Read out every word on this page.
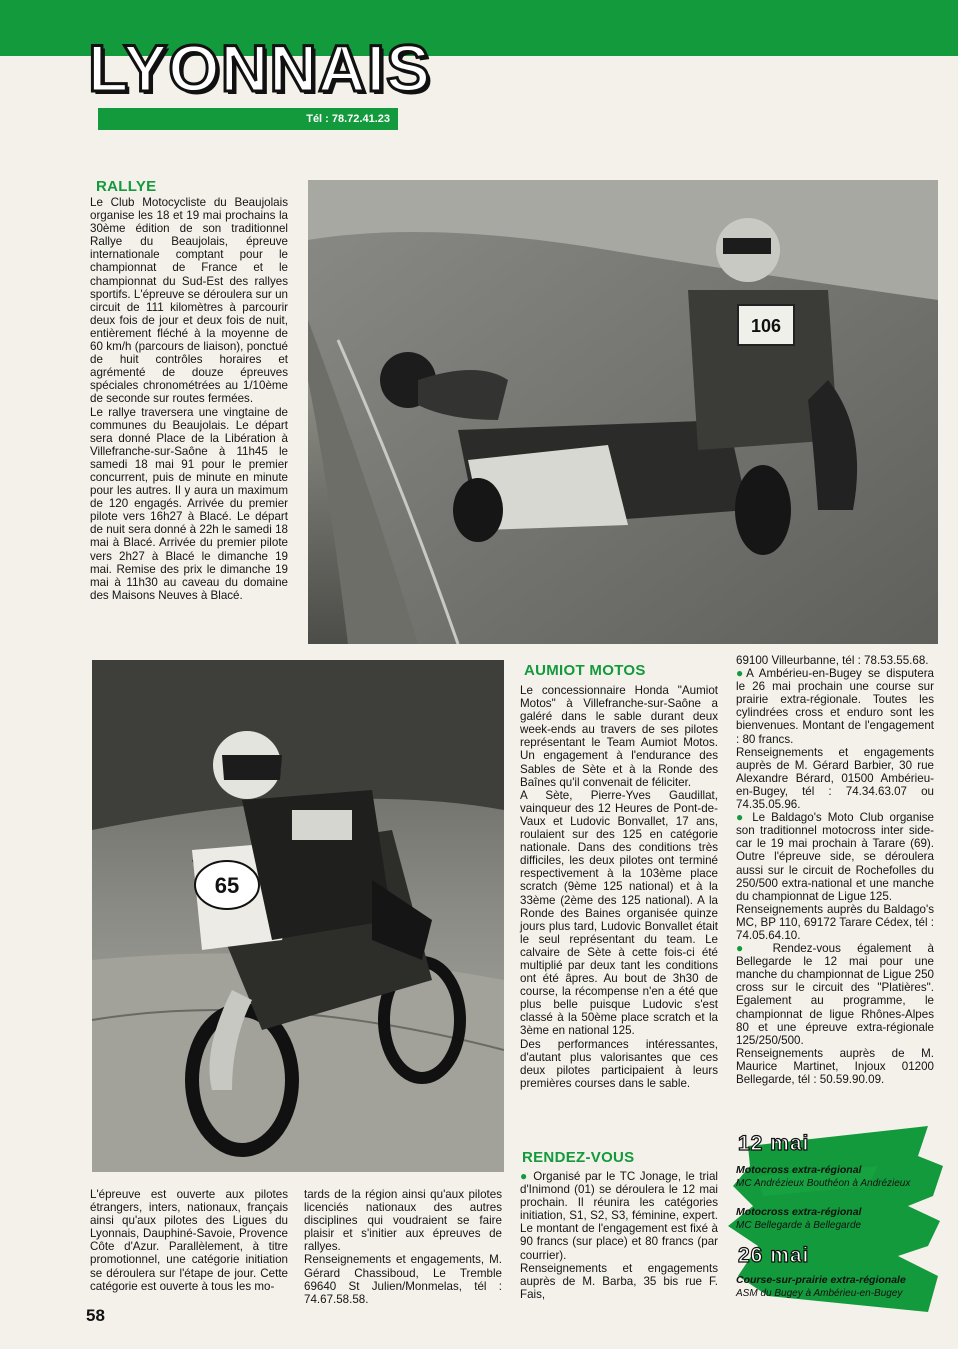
LYONNAIS
Tél : 78.72.41.23
RALLYE

Le Club Motocycliste du Beaujolais organise les 18 et 19 mai prochains la 30ème édition de son traditionnel Rallye du Beaujolais, épreuve internationale comptant pour le championnat de France et le championnat du Sud-Est des rallyes sportifs. L'épreuve se déroulera sur un circuit de 111 kilomètres à parcourir deux fois de jour et deux fois de nuit, entièrement fléché à la moyenne de 60 km/h (parcours de liaison), ponctué de huit contrôles horaires et agrémenté de douze épreuves spéciales chronométrées au 1/10ème de seconde sur routes fermées.

Le rallye traversera une vingtaine de communes du Beaujolais. Le départ sera donné Place de la Libération à Villefranche-sur-Saône à 11h45 le samedi 18 mai 91 pour le premier concurrent, puis de minute en minute pour les autres. Il y aura un maximum de 120 engagés. Arrivée du premier pilote vers 16h27 à Blacé. Le départ de nuit sera donné à 22h le samedi 18 mai à Blacé. Arrivée du premier pilote vers 2h27 à Blacé le dimanche 19 mai. Remise des prix le dimanche 19 mai à 11h30 au caveau du domaine des Maisons Neuves à Blacé.

106
65

L'épreuve est ouverte aux pilotes étrangers, inters, nationaux, français ainsi qu'aux pilotes des Ligues du Lyonnais, Dauphiné-Savoie, Provence Côte d'Azur. Parallèlement, à titre promotionnel, une catégorie initiation se déroulera sur l'étape de jour. Cette catégorie est ouverte à tous les mo-

tards de la région ainsi qu'aux pilotes licenciés nationaux des autres disciplines qui voudraient se faire plaisir et s'initier aux épreuves de rallyes.

Renseignements et engagements, M. Gérard Chassiboud, Le Tremble 69640 St Julien/Monmelas, tél : 74.67.58.58.

AUMIOT MOTOS

Le concessionnaire Honda "Aumiot Motos" à Villefranche-sur-Saône a galéré dans le sable durant deux week-ends au travers de ses pilotes représentant le Team Aumiot Motos. Un engagement à l'endurance des Sables de Sète et à la Ronde des Baînes qu'il convenait de féliciter.

A Sète, Pierre-Yves Gaudillat, vainqueur des 12 Heures de Pont-de-Vaux et Ludovic Bonvallet, 17 ans, roulaient sur des 125 en catégorie nationale. Dans des conditions très difficiles, les deux pilotes ont terminé respectivement à la 103ème place scratch (9ème 125 national) et à la 33ème (2ème des 125 national). A la Ronde des Baines organisée quinze jours plus tard, Ludovic Bonvallet était le seul représentant du team. Le calvaire de Sète à cette fois-ci été multiplié par deux tant les conditions ont été âpres. Au bout de 3h30 de course, la récompense n'en a été que plus belle puisque Ludovic s'est classé à la 50ème place scratch et la 3ème en national 125.

Des performances intéressantes, d'autant plus valorisantes que ces deux pilotes participaient à leurs premières courses dans le sable.

RENDEZ-VOUS

● Organisé par le TC Jonage, le trial d'Inimond (01) se déroulera le 12 mai prochain. Il réunira les catégories initiation, S1, S2, S3, féminine, expert. Le montant de l'engagement est fixé à 90 francs (sur place) et 80 francs (par courrier).

Renseignements et engagements auprès de M. Barba, 35 bis rue F. Fais,

69100 Villeurbanne, tél : 78.53.55.68.

●A Ambérieu-en-Bugey se disputera le 26 mai prochain une course sur prairie extra-régionale. Toutes les cylindrées cross et enduro sont les bienvenues. Montant de l'engagement : 80 francs.

Renseignements et engagements auprès de M. Gérard Barbier, 30 rue Alexandre Bérard, 01500 Ambérieu-en-Bugey, tél : 74.34.63.07 ou 74.35.05.96.

● Le Baldago's Moto Club organise son traditionnel motocross inter side-car le 19 mai prochain à Tarare (69). Outre l'épreuve side, se déroulera aussi sur le circuit de Rochefolles du 250/500 extra-national et une manche du championnat de Ligue 125.

Renseignements auprès du Baldago's MC, BP 110, 69172 Tarare Cédex, tél : 74.05.64.10.

● Rendez-vous également à Bellegarde le 12 mai pour une manche du championnat de Ligue 250 cross sur le circuit des "Platières". Egalement au programme, le championnat de ligue Rhônes-Alpes 80 et une épreuve extra-régionale 125/250/500.

Renseignements auprès de M. Maurice Martinet, Injoux 01200 Bellegarde, tél : 50.59.90.09.

12 mai
Motocross extra-régional
MC Andrézieux Bouthéon à Andrézieux
Motocross extra-régional
MC Bellegarde à Bellegarde
26 mai
Course-sur-prairie extra-régionale
ASM du Bugey à Ambérieu-en-Bugey
58
